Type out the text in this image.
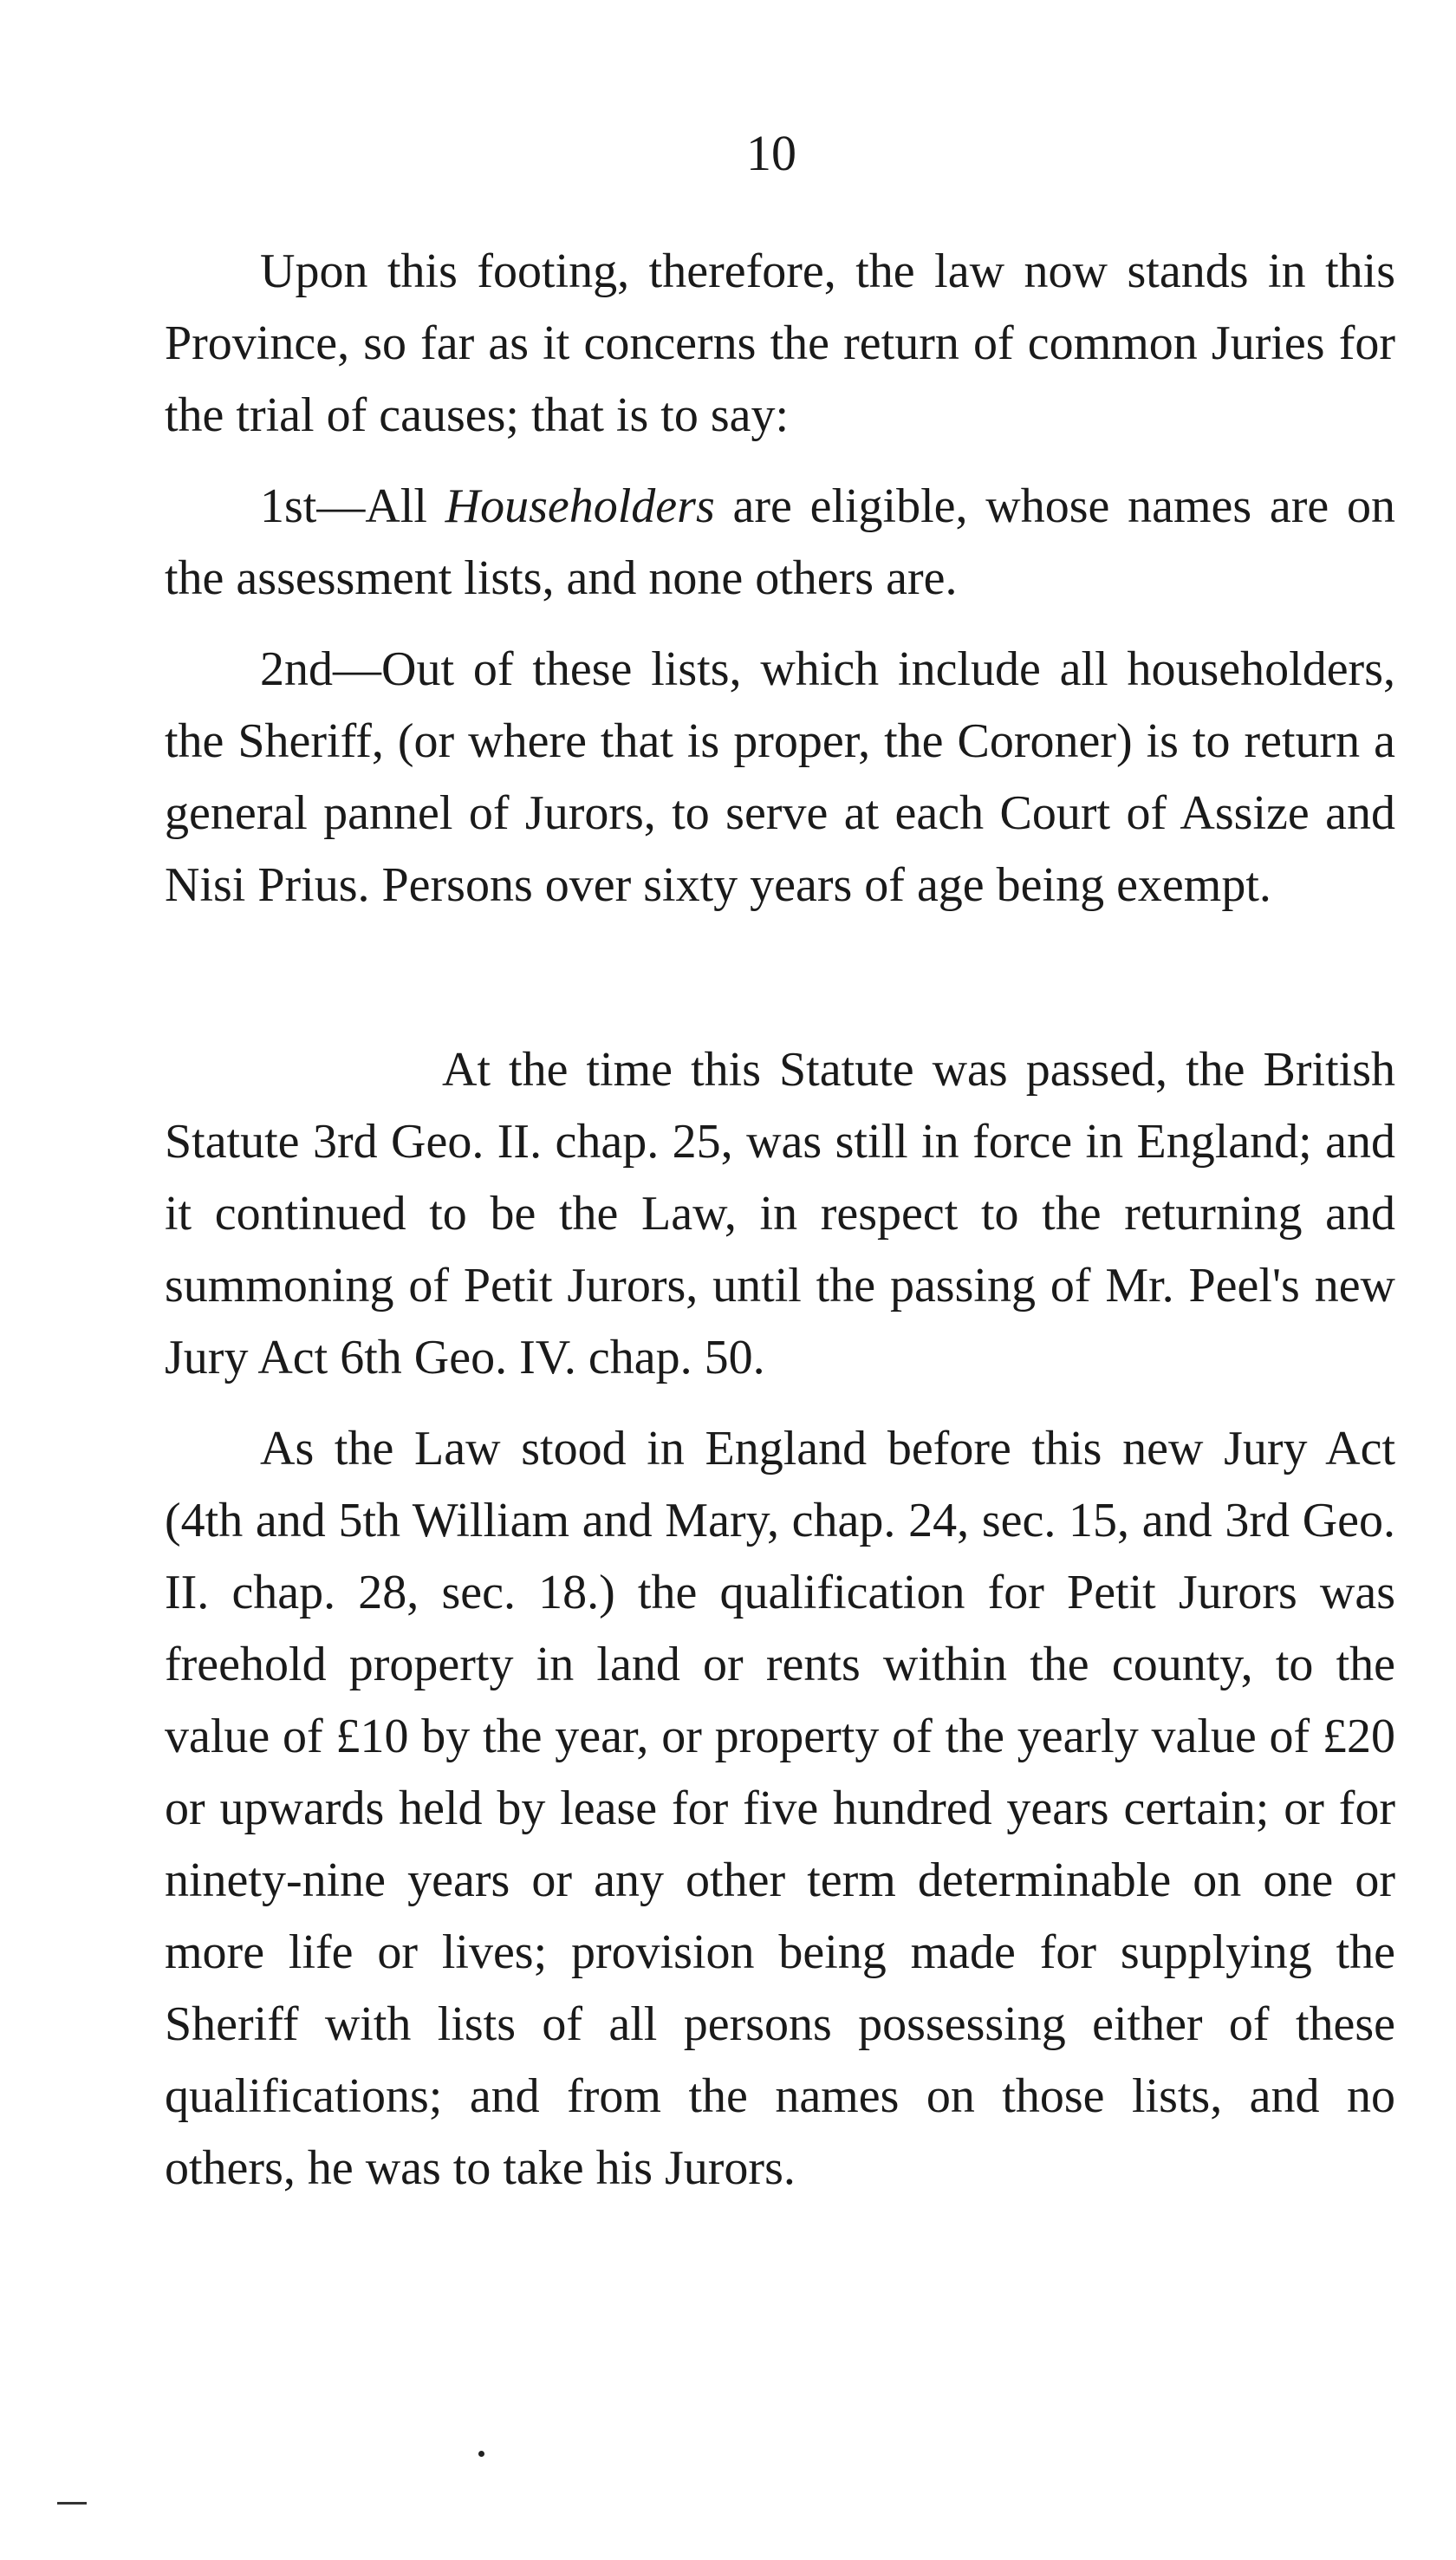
10

Upon this footing, therefore, the law now stands in this Province, so far as it concerns the return of common Juries for the trial of causes; that is to say:

1st—All Householders are eligible, whose names are on the assessment lists, and none others are.

2nd—Out of these lists, which include all householders, the Sheriff, (or where that is proper, the Coroner) is to return a general pannel of Jurors, to serve at each Court of Assize and Nisi Prius. Persons over sixty years of age being exempt.

At the time this Statute was passed, the British Statute 3rd Geo. II. chap. 25, was still in force in England; and it continued to be the Law, in respect to the returning and summoning of Petit Jurors, until the passing of Mr. Peel's new Jury Act 6th Geo. IV. chap. 50.

As the Law stood in England before this new Jury Act (4th and 5th William and Mary, chap. 24, sec. 15, and 3rd Geo. II. chap. 28, sec. 18.) the qualification for Petit Jurors was freehold property in land or rents within the county, to the value of £10 by the year, or property of the yearly value of £20 or upwards held by lease for five hundred years certain; or for ninety-nine years or any other term determinable on one or more life or lives; provision being made for supplying the Sheriff with lists of all persons possessing either of these qualifications; and from the names on those lists, and no others, he was to take his Jurors.
